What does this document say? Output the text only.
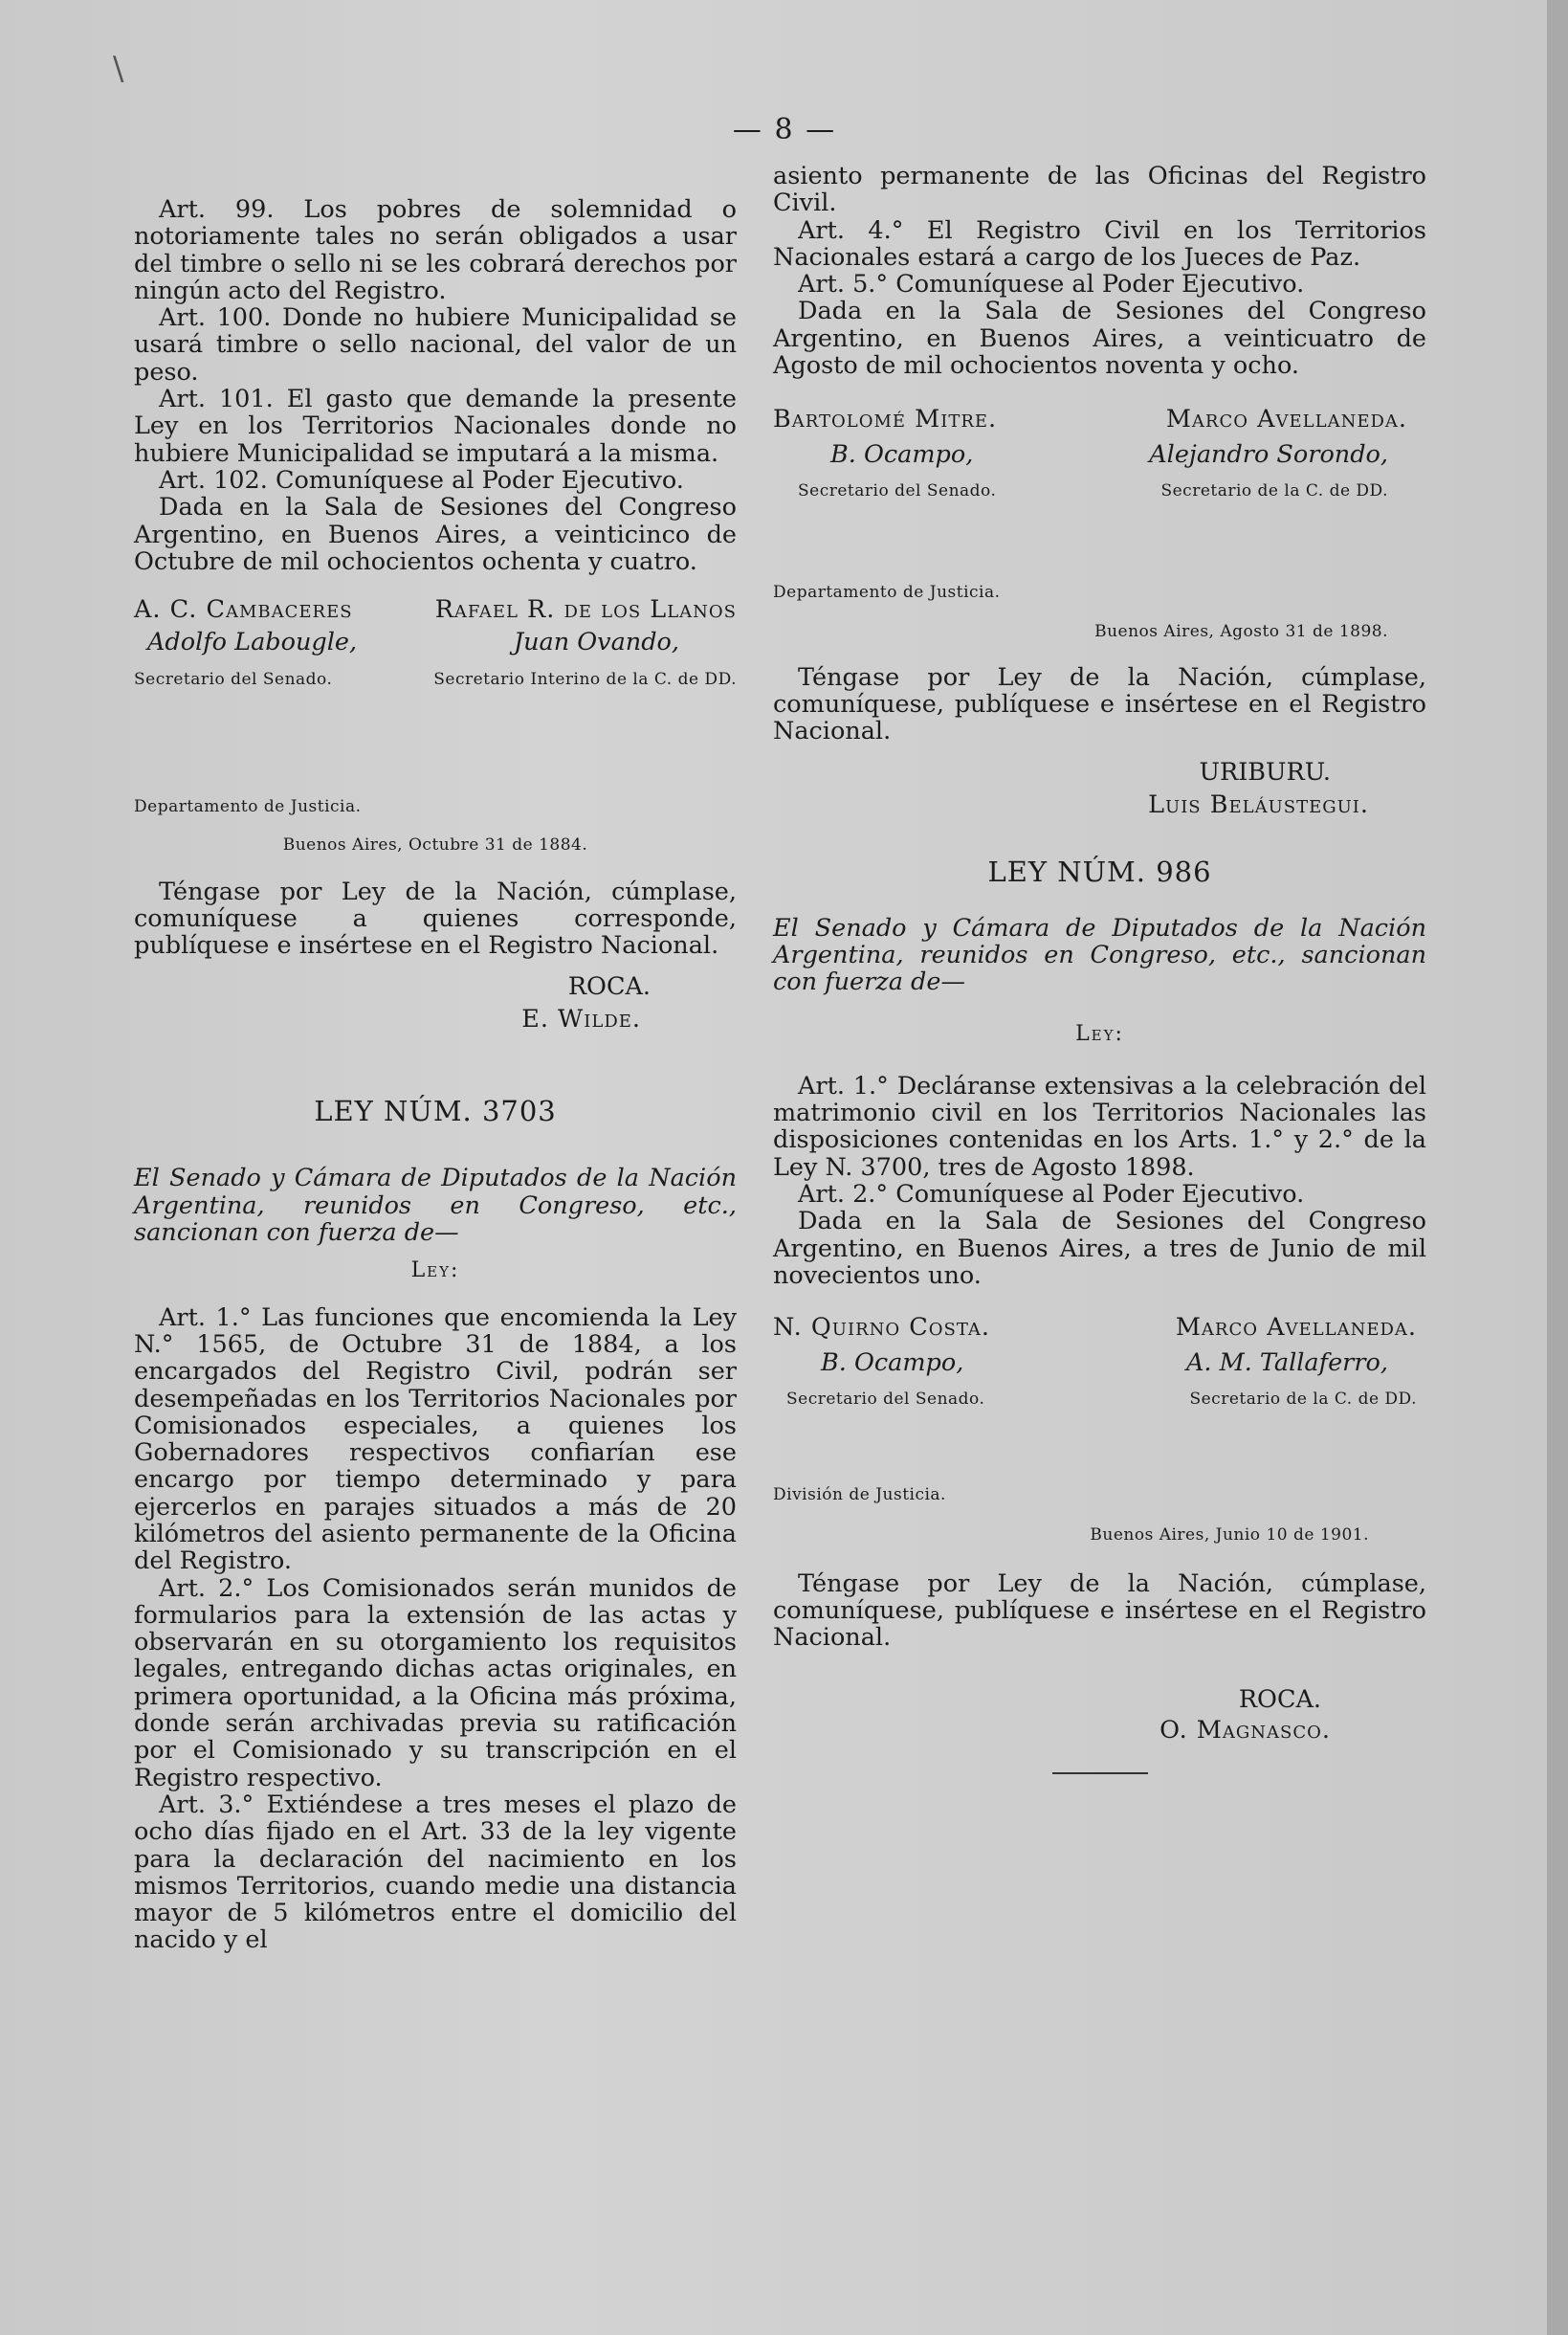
\
— 8 —

Art. 99. Los pobres de solemnidad o notoriamente tales no serán obligados a usar del timbre o sello ni se les cobrará derechos por ningún acto del Registro.

Art. 100. Donde no hubiere Municipalidad se usará timbre o sello nacional, del valor de un peso.

Art. 101. El gasto que demande la presente Ley en los Territorios Nacionales donde no hubiere Municipalidad se imputará a la misma.

Art. 102. Comuníquese al Poder Ejecutivo.

Dada en la Sala de Sesiones del Congreso Argentino, en Buenos Aires, a veinticinco de Octubre de mil ochocientos ochenta y cuatro.

A. C. Cambaceres	Rafael R. de los Llanos
Adolfo Labougle,	Juan Ovando,
Secretario del Senado.	Secretario Interino de la C. de DD.
Departamento de Justicia.
Buenos Aires, Octubre 31 de 1884.

Téngase por Ley de la Nación, cúmplase, comuníquese a quienes corresponde, publíquese e insértese en el Registro Nacional.

ROCA.
E. Wilde.

LEY NÚM. 3703

El Senado y Cámara de Diputados de la Nación Argentina, reunidos en Congreso, etc., sancionan con fuerza de—

Ley:

Art. 1.° Las funciones que encomienda la Ley N.° 1565, de Octubre 31 de 1884, a los encargados del Registro Civil, podrán ser desempeñadas en los Territorios Nacionales por Comisionados especiales, a quienes los Gobernadores respectivos confiarían ese encargo por tiempo determinado y para ejercerlos en parajes situados a más de 20 kilómetros del asiento permanente de la Oficina del Registro.

Art. 2.° Los Comisionados serán munidos de formularios para la extensión de las actas y observarán en su otorgamiento los requisitos legales, entregando dichas actas originales, en primera oportunidad, a la Oficina más próxima, donde serán archivadas previa su ratificación por el Comisionado y su transcripción en el Registro respectivo.

Art. 3.° Extiéndese a tres meses el plazo de ocho días fijado en el Art. 33 de la ley vigente para la declaración del nacimiento en los mismos Territorios, cuando medie una distancia mayor de 5 kilómetros entre el domicilio del nacido y el

asiento permanente de las Oficinas del Registro Civil.

Art. 4.° El Registro Civil en los Territorios Nacionales estará a cargo de los Jueces de Paz.

Art. 5.° Comuníquese al Poder Ejecutivo.

Dada en la Sala de Sesiones del Congreso Argentino, en Buenos Aires, a veinticuatro de Agosto de mil ochocientos noventa y ocho.

Bartolomé Mitre.	Marco Avellaneda.
B. Ocampo,	Alejandro Sorondo,
Secretario del Senado.	Secretario de la C. de DD.
Departamento de Justicia.
Buenos Aires, Agosto 31 de 1898.

Téngase por Ley de la Nación, cúmplase, comuníquese, publíquese e insértese en el Registro Nacional.

URIBURU.
Luis Beláustegui.

LEY NÚM. 986

El Senado y Cámara de Diputados de la Nación Argentina, reunidos en Congreso, etc., sancionan con fuerza de—

Ley:

Art. 1.° Decláranse extensivas a la celebración del matrimonio civil en los Territorios Nacionales las disposiciones contenidas en los Arts. 1.° y 2.° de la Ley N. 3700, tres de Agosto 1898.

Art. 2.° Comuníquese al Poder Ejecutivo.

Dada en la Sala de Sesiones del Congreso Argentino, en Buenos Aires, a tres de Junio de mil novecientos uno.

N. Quirno Costa.	Marco Avellaneda.
B. Ocampo,	A. M. Tallaferro,
Secretario del Senado.	Secretario de la C. de DD.
División de Justicia.
Buenos Aires, Junio 10 de 1901.

Téngase por Ley de la Nación, cúmplase, comuníquese, publíquese e insértese en el Registro Nacional.

ROCA.
O. Magnasco.
